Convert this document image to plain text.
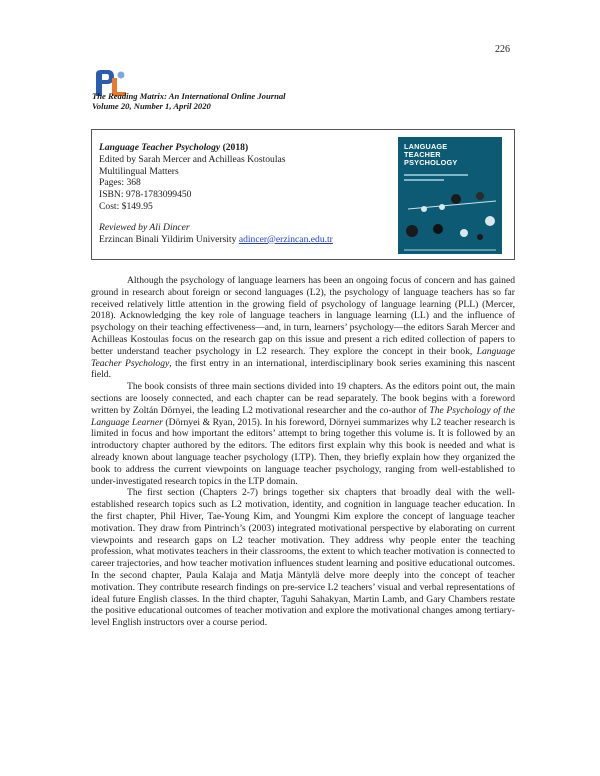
226
The Reading Matrix: An International Online Journal
Volume 20, Number 1, April 2020
Language Teacher Psychology (2018)
Edited by Sarah Mercer and Achilleas Kostoulas
Multilingual Matters
Pages: 368
ISBN: 978-1783099450
Cost: $149.95
Reviewed by Ali Dincer
Erzincan Binali Yildirim University adincer@erzincan.edu.tr
LANGUAGE TEACHER PSYCHOLOGY

Although the psychology of language learners has been an ongoing focus of concern and has gained ground in research about foreign or second languages (L2), the psychology of language teachers has so far received relatively little attention in the growing field of psychology of language learning (PLL) (Mercer, 2018). Acknowledging the key role of language teachers in language learning (LL) and the influence of psychology on their teaching effectiveness—and, in turn, learners’ psychology—the editors Sarah Mercer and Achilleas Kostoulas focus on the research gap on this issue and present a rich edited collection of papers to better understand teacher psychology in L2 research. They explore the concept in their book, Language Teacher Psychology, the first entry in an international, interdisciplinary book series examining this nascent field.

The book consists of three main sections divided into 19 chapters. As the editors point out, the main sections are loosely connected, and each chapter can be read separately. The book begins with a foreword written by Zoltán Dörnyei, the leading L2 motivational researcher and the co-author of The Psychology of the Language Learner (Dörnyei & Ryan, 2015). In his foreword, Dörnyei summarizes why L2 teacher research is limited in focus and how important the editors’ attempt to bring together this volume is. It is followed by an introductory chapter authored by the editors. The editors first explain why this book is needed and what is already known about language teacher psychology (LTP). Then, they briefly explain how they organized the book to address the current viewpoints on language teacher psychology, ranging from well-established to under-investigated research topics in the LTP domain.

The first section (Chapters 2-7) brings together six chapters that broadly deal with the well-established research topics such as L2 motivation, identity, and cognition in language teacher education. In the first chapter, Phil Hiver, Tae-Young Kim, and Youngmi Kim explore the concept of language teacher motivation. They draw from Pintrinch’s (2003) integrated motivational perspective by elaborating on current viewpoints and research gaps on L2 teacher motivation. They address why people enter the teaching profession, what motivates teachers in their classrooms, the extent to which teacher motivation is connected to career trajectories, and how teacher motivation influences student learning and positive educational outcomes. In the second chapter, Paula Kalaja and Matja Mäntylä delve more deeply into the concept of teacher motivation. They contribute research findings on pre-service L2 teachers’ visual and verbal representations of ideal future English classes. In the third chapter, Taguhi Sahakyan, Martin Lamb, and Gary Chambers restate the positive educational outcomes of teacher motivation and explore the motivational changes among tertiary-level English instructors over a course period.
